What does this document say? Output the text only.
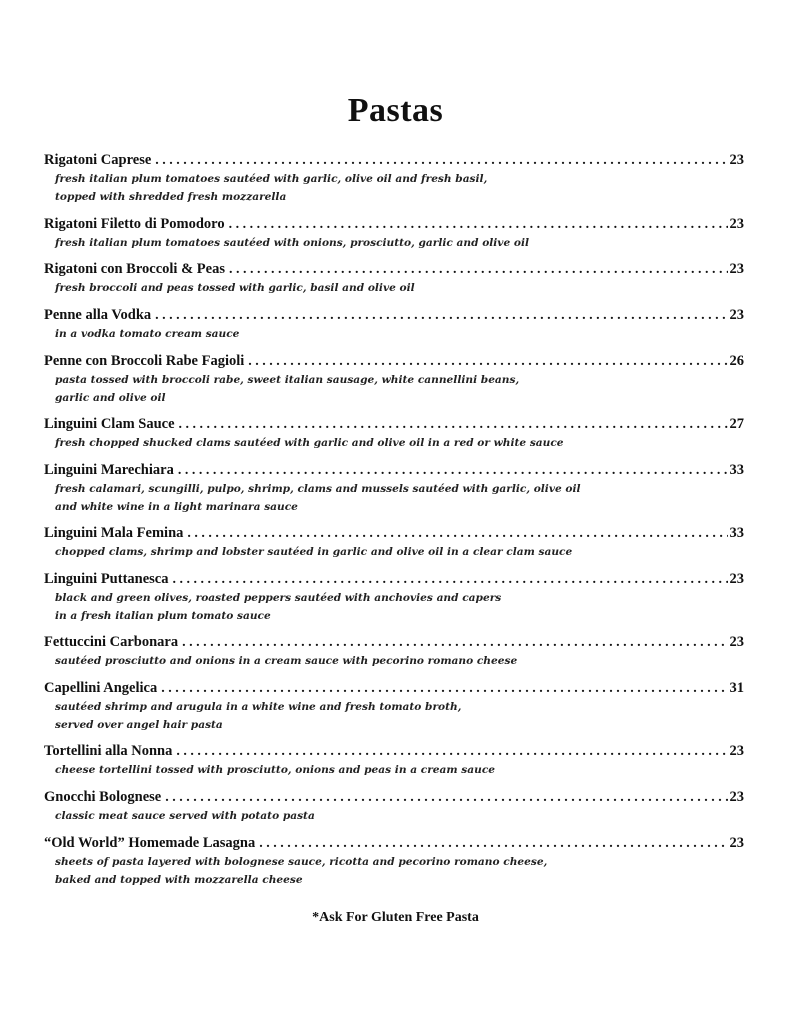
Pastas
Rigatoni Caprese . . .	23
fresh italian plum tomatoes sautéed with garlic, olive oil and fresh basil,
topped with shredded fresh mozzarella
Rigatoni Filetto di Pomodoro . . .	23
fresh italian plum tomatoes sautéed with onions, prosciutto, garlic and olive oil
Rigatoni con Broccoli & Peas . . .	23
fresh broccoli and peas tossed with garlic, basil and olive oil
Penne alla Vodka . . .	23
in a vodka tomato cream sauce
Penne con Broccoli Rabe Fagioli . . .	26
pasta tossed with broccoli rabe, sweet italian sausage, white cannellini beans,
garlic and olive oil
Linguini Clam Sauce . . .	27
fresh chopped shucked clams sautéed with garlic and olive oil in a red or white sauce
Linguini Marechiara . . .	33
fresh calamari, scungilli, pulpo, shrimp, clams and mussels sautéed with garlic, olive oil
and white wine in a light marinara sauce
Linguini Mala Femina . . .	33
chopped clams, shrimp and lobster sautéed in garlic and olive oil in a clear clam sauce
Linguini Puttanesca . . .	23
black and green olives, roasted peppers sautéed with anchovies and capers
in a fresh italian plum tomato sauce
Fettuccini Carbonara . . .	23
sautéed prosciutto and onions in a cream sauce with pecorino romano cheese
Capellini Angelica . . .	31
sautéed shrimp and arugula in a white wine and fresh tomato broth,
served over angel hair pasta
Tortellini alla Nonna . . .	23
cheese tortellini tossed with prosciutto, onions and peas in a cream sauce
Gnocchi Bolognese . . .	23
classic meat sauce served with potato pasta
“Old World” Homemade Lasagna . . .	23
sheets of pasta layered with bolognese sauce, ricotta and pecorino romano cheese,
baked and topped with mozzarella cheese
*Ask For Gluten Free Pasta
